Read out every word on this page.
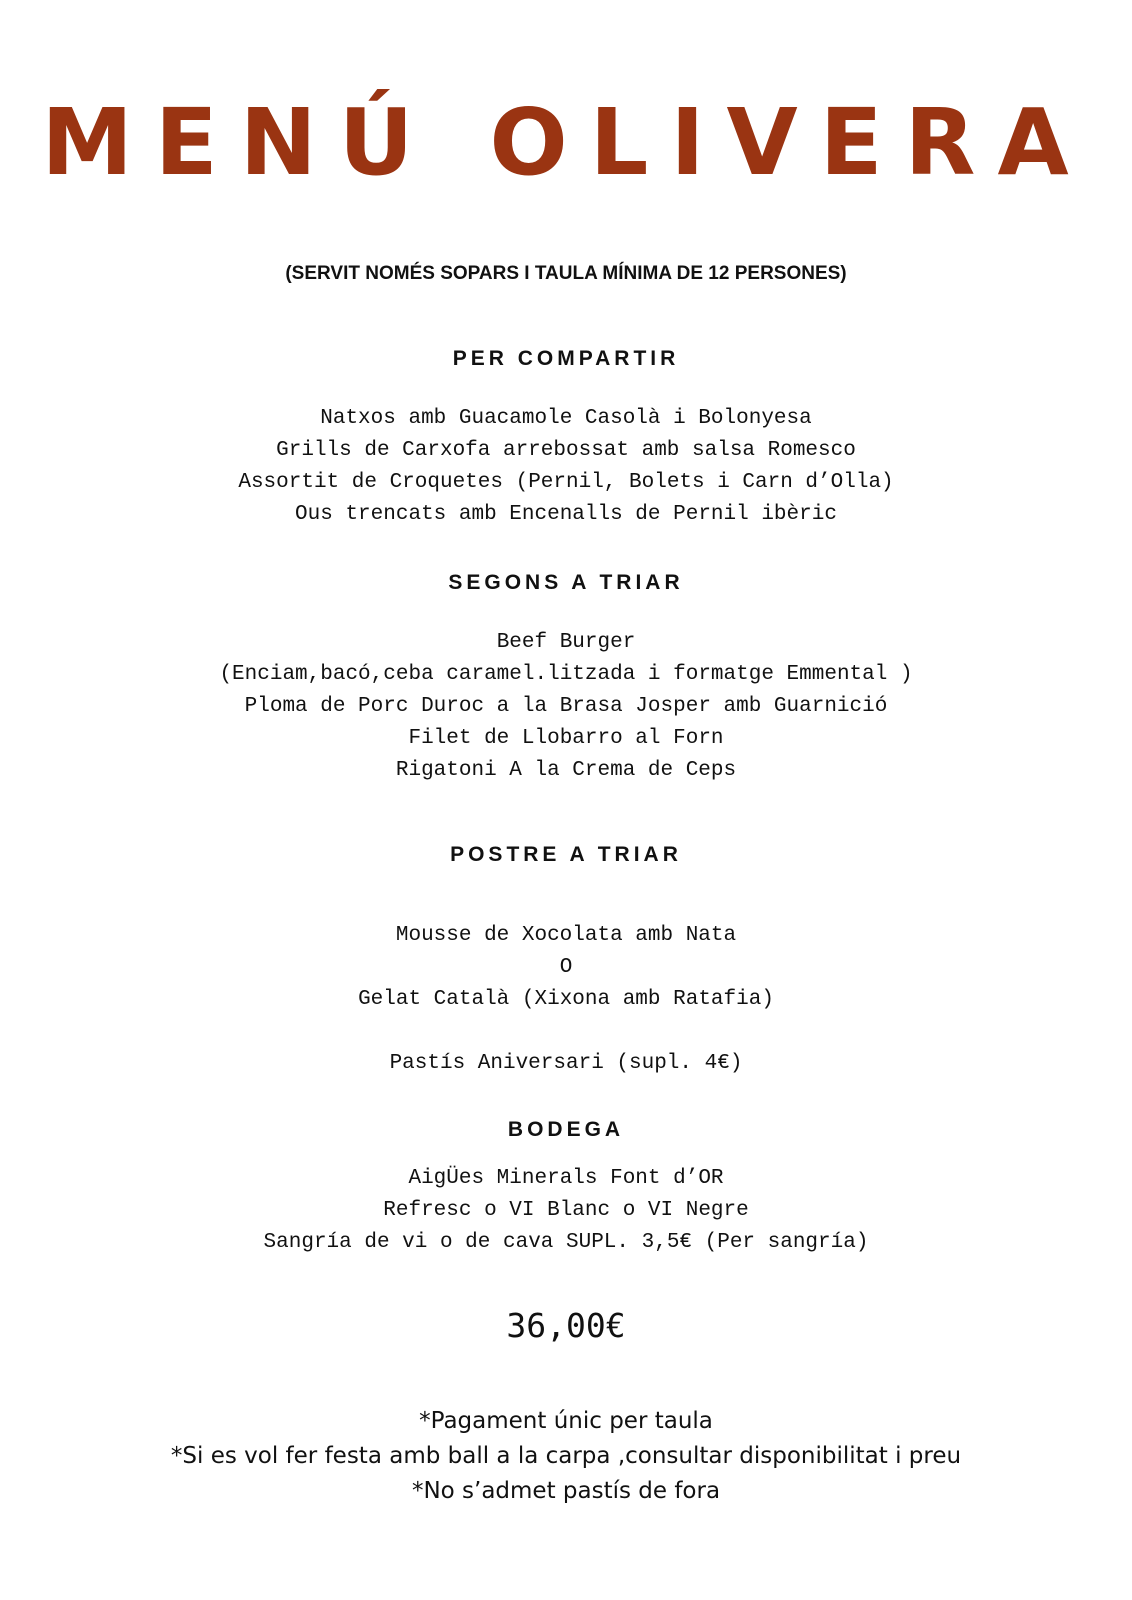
MENÚ OLIVERA
(SERVIT NOMÉS SOPARS I TAULA MÍNIMA DE 12 PERSONES)
PER COMPARTIR
Natxos amb Guacamole Casolà i Bolonyesa
Grills de Carxofa arrebossat amb salsa Romesco
Assortit de Croquetes (Pernil, Bolets i Carn d’Olla)
Ous trencats amb Encenalls de Pernil ibèric
SEGONS A TRIAR
Beef Burger
(Enciam,bacó,ceba caramel.litzada i formatge Emmental )
Ploma de Porc Duroc a la Brasa Josper amb Guarnició
Filet de Llobarro al Forn
Rigatoni A la Crema de Ceps
POSTRE A TRIAR
Mousse de Xocolata amb Nata
O
Gelat Català (Xixona amb Ratafia)
Pastís Aniversari (supl. 4€)
BODEGA
AigÜes Minerals Font d’OR
Refresc o VI Blanc o VI Negre
Sangría de vi o de cava SUPL. 3,5€ (Per sangría)
36,00€
*Pagament únic per taula
*Si es vol fer festa amb ball a la carpa ,consultar disponibilitat i preu
*No s’admet pastís de fora
